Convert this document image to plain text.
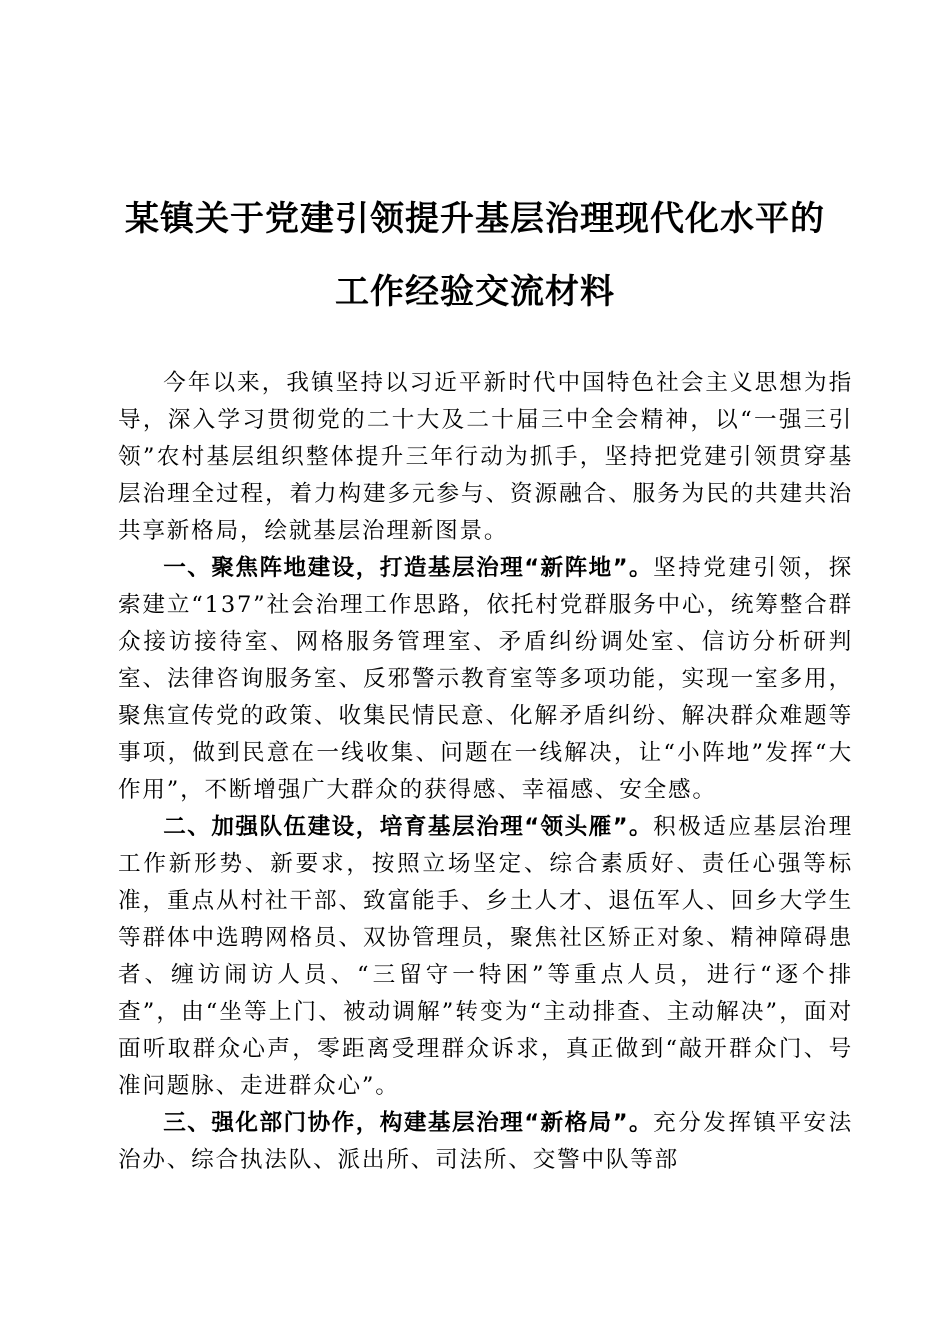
某镇关于党建引领提升基层治理现代化水平的
工作经验交流材料

今年以来，我镇坚持以习近平新时代中国特色社会主义思想为指导，深入学习贯彻党的二十大及二十届三中全会精神，以“一强三引领”农村基层组织整体提升三年行动为抓手，坚持把党建引领贯穿基层治理全过程，着力构建多元参与、资源融合、服务为民的共建共治共享新格局，绘就基层治理新图景。

一、聚焦阵地建设，打造基层治理“新阵地”。坚持党建引领，探索建立“137”社会治理工作思路，依托村党群服务中心，统筹整合群众接访接待室、网格服务管理室、矛盾纠纷调处室、信访分析研判室、法律咨询服务室、反邪警示教育室等多项功能，实现一室多用，聚焦宣传党的政策、收集民情民意、化解矛盾纠纷、解决群众难题等事项，做到民意在一线收集、问题在一线解决，让“小阵地”发挥“大作用”，不断增强广大群众的获得感、幸福感、安全感。

二、加强队伍建设，培育基层治理“领头雁”。积极适应基层治理工作新形势、新要求，按照立场坚定、综合素质好、责任心强等标准，重点从村社干部、致富能手、乡土人才、退伍军人、回乡大学生等群体中选聘网格员、双协管理员，聚焦社区矫正对象、精神障碍患者、缠访闹访人员、“三留守一特困”等重点人员，进行“逐个排查”，由“坐等上门、被动调解”转变为“主动排查、主动解决”，面对面听取群众心声，零距离受理群众诉求，真正做到“敲开群众门、号准问题脉、走进群众心”。

三、强化部门协作，构建基层治理“新格局”。充分发挥镇平安法治办、综合执法队、派出所、司法所、交警中队等部
